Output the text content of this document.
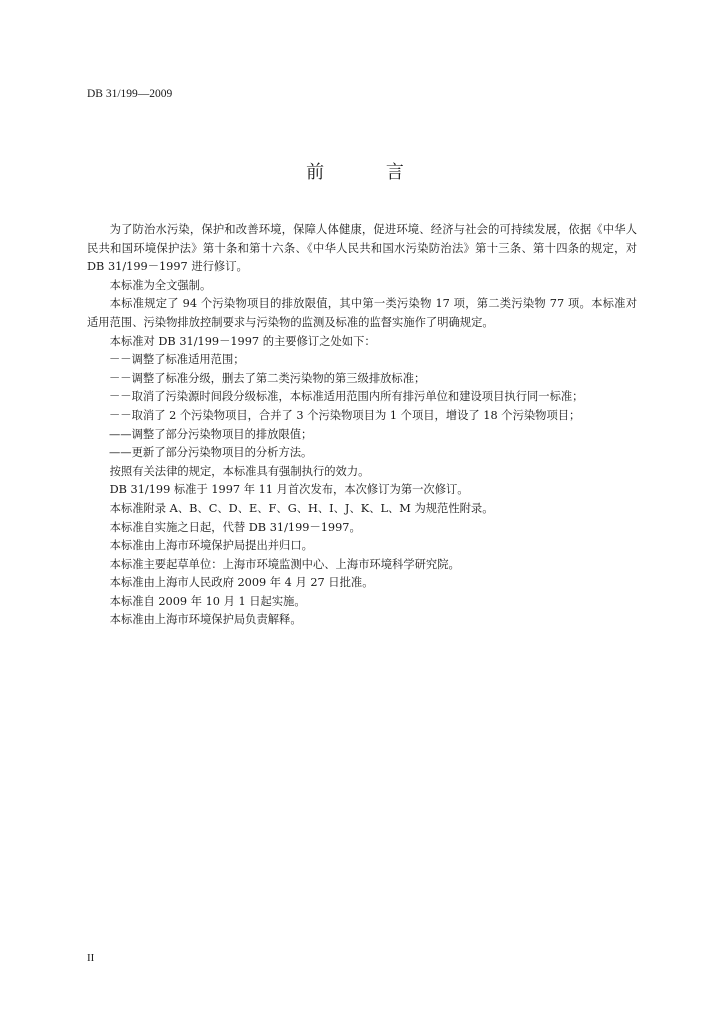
DB 31/199—2009
前 言

为了防治水污染，保护和改善环境，保障人体健康，促进环境、经济与社会的可持续发展，依据《中华人民共和国环境保护法》第十条和第十六条、《中华人民共和国水污染防治法》第十三条、第十四条的规定，对 DB 31/199－1997 进行修订。

本标准为全文强制。

本标准规定了 94 个污染物项目的排放限值，其中第一类污染物 17 项，第二类污染物 77 项。本标准对适用范围、污染物排放控制要求与污染物的监测及标准的监督实施作了明确规定。

本标准对 DB 31/199－1997 的主要修订之处如下：

－－调整了标准适用范围；

－－调整了标准分级，删去了第二类污染物的第三级排放标准；

－－取消了污染源时间段分级标准，本标准适用范围内所有排污单位和建设项目执行同一标准；

－－取消了 2 个污染物项目，合并了 3 个污染物项目为 1 个项目，增设了 18 个污染物项目；

——调整了部分污染物项目的排放限值；

——更新了部分污染物项目的分析方法。

按照有关法律的规定，本标准具有强制执行的效力。

DB 31/199 标准于 1997 年 11 月首次发布，本次修订为第一次修订。

本标准附录 A、B、C、D、E、F、G、H、I、J、K、L、M 为规范性附录。

本标准自实施之日起，代替 DB 31/199－1997。

本标准由上海市环境保护局提出并归口。

本标准主要起草单位：上海市环境监测中心、上海市环境科学研究院。

本标准由上海市人民政府 2009 年 4 月 27 日批准。

本标准自 2009 年 10 月 1 日起实施。

本标准由上海市环境保护局负责解释。

II
